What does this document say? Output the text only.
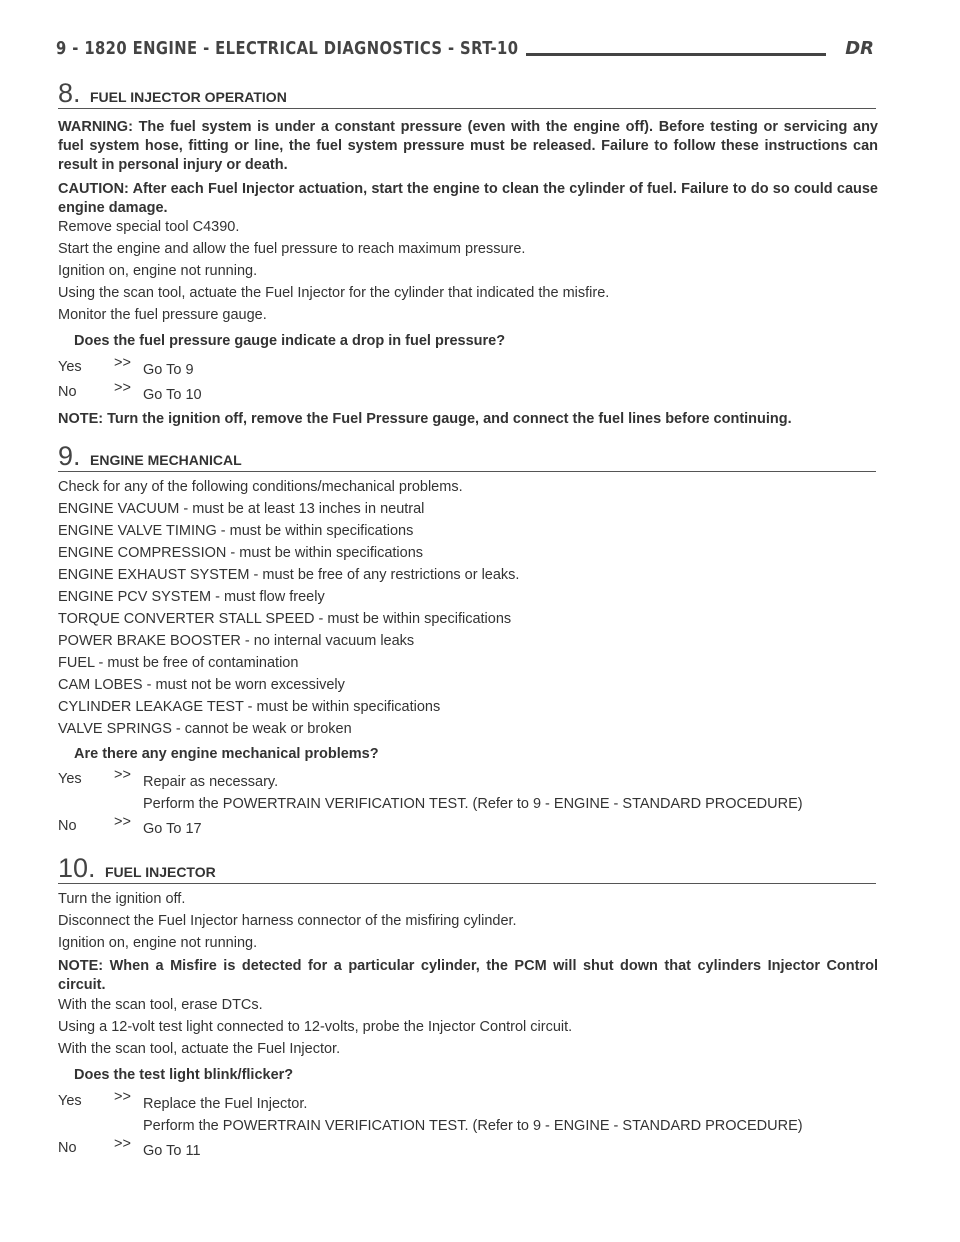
9 - 1820 ENGINE - ELECTRICAL DIAGNOSTICS - SRT-10	DR
8. FUEL INJECTOR OPERATION
WARNING: The fuel system is under a constant pressure (even with the engine off). Before testing or servicing any fuel system hose, fitting or line, the fuel system pressure must be released. Failure to follow these instructions can result in personal injury or death.
CAUTION: After each Fuel Injector actuation, start the engine to clean the cylinder of fuel. Failure to do so could cause engine damage.
Remove special tool C4390.
Start the engine and allow the fuel pressure to reach maximum pressure.
Ignition on, engine not running.
Using the scan tool, actuate the Fuel Injector for the cylinder that indicated the misfire.
Monitor the fuel pressure gauge.
Does the fuel pressure gauge indicate a drop in fuel pressure?
Yes >> Go To 9
No	>> Go To 10
NOTE: Turn the ignition off, remove the Fuel Pressure gauge, and connect the fuel lines before continuing.
9. ENGINE MECHANICAL
Check for any of the following conditions/mechanical problems.
ENGINE VACUUM - must be at least 13 inches in neutral
ENGINE VALVE TIMING - must be within specifications
ENGINE COMPRESSION - must be within specifications
ENGINE EXHAUST SYSTEM - must be free of any restrictions or leaks.
ENGINE PCV SYSTEM - must flow freely
TORQUE CONVERTER STALL SPEED - must be within specifications
POWER BRAKE BOOSTER - no internal vacuum leaks
FUEL - must be free of contamination
CAM LOBES - must not be worn excessively
CYLINDER LEAKAGE TEST - must be within specifications
VALVE SPRINGS - cannot be weak or broken
Are there any engine mechanical problems?
Yes >> Repair as necessary.
Perform the POWERTRAIN VERIFICATION TEST. (Refer to 9 - ENGINE - STANDARD PROCEDURE)
No	>> Go To 17
10. FUEL INJECTOR
Turn the ignition off.
Disconnect the Fuel Injector harness connector of the misfiring cylinder.
Ignition on, engine not running.
NOTE: When a Misfire is detected for a particular cylinder, the PCM will shut down that cylinders Injector Control circuit.
With the scan tool, erase DTCs.
Using a 12-volt test light connected to 12-volts, probe the Injector Control circuit.
With the scan tool, actuate the Fuel Injector.
Does the test light blink/flicker?
Yes >> Replace the Fuel Injector.
Perform the POWERTRAIN VERIFICATION TEST. (Refer to 9 - ENGINE - STANDARD PROCEDURE)
No	>> Go To 11
